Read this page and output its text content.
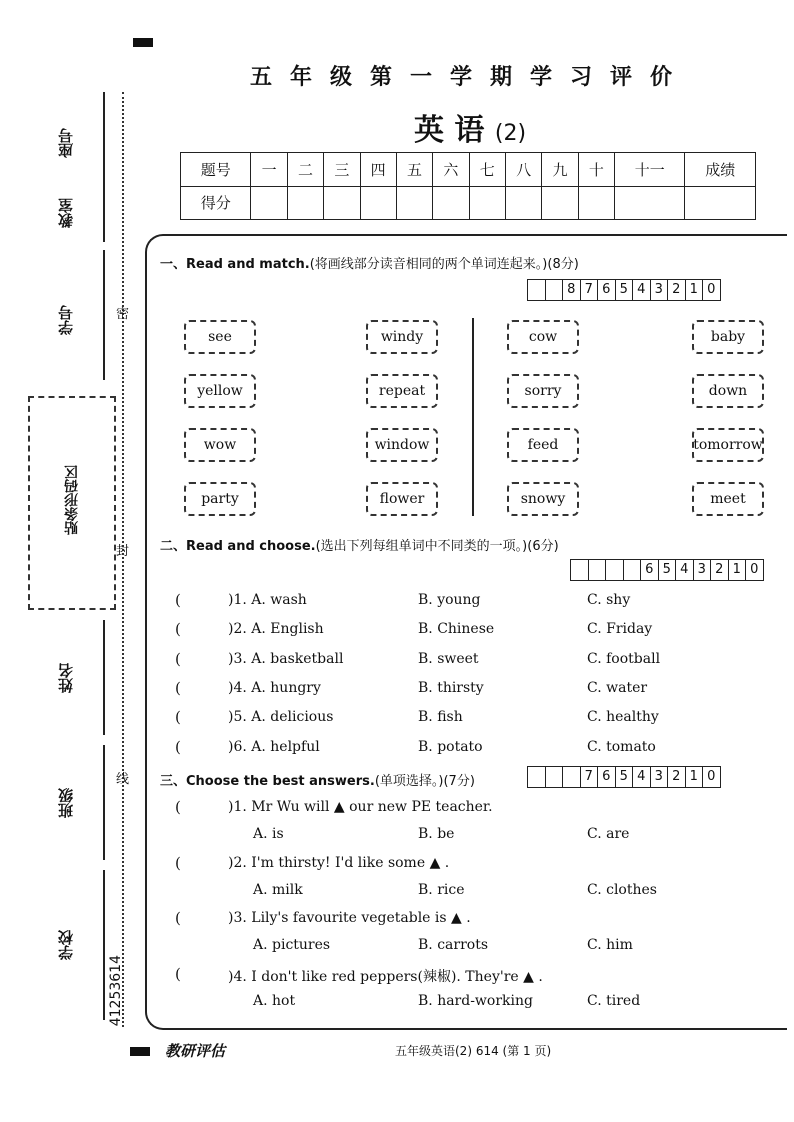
五年级第一学期学习评价
英 语 (2)
题号	一	二	三	四	五	六	七	八	九	十	十一	成绩
得分												
座号
教室
学号
贴条形码区
姓名
班级
学校
41253614
密
封
线
一、Read and match.(将画线部分读音相同的两个单词连起来。)(8分)
8 7 6 5 4 3 2 1 0
二、Read and choose.(选出下列每组单词中不同类的一项。)(6分)
6 5 4 3 2 1 0
三、Choose the best answers.(单项选择。)(7分)	7 6 5 4 3 2 1 0
教研评估	五年级英语(2) 614 (第 1 页)
see
yellow
wow
party
windy
repeat
window
flower
cow
sorry
feed
snowy
baby
down
tomorrow
meet
(	)1. A. wash	B. young	C. shy
(	)2. A. English	B. Chinese	C. Friday
(	)3. A. basketball	B. sweet	C. football
(	)4. A. hungry	B. thirsty	C. water
(	)5. A. delicious	B. fish	C. healthy
(	)6. A. helpful	B. potato	C. tomato
(	)1. Mr Wu will ▲ our new PE teacher.
A. is	B. be	C. are
(	)2. I'm thirsty! I'd like some ▲ .
A. milk	B. rice	C. clothes
(	)3. Lily's favourite vegetable is ▲ .
A. pictures	B. carrots	C. him
(	)4. I don't like red peppers(辣椒). They're ▲ .
A. hot	B. hard-working	C. tired
